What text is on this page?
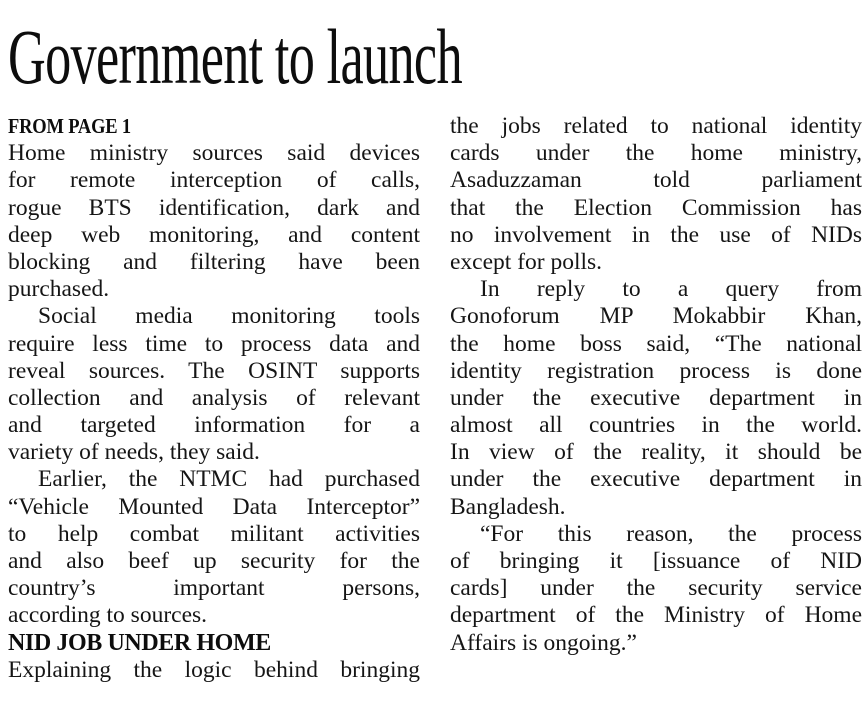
Government to launch
FROM PAGE 1
Home ministry sources said devices
for remote interception of calls,
rogue BTS identification, dark and
deep web monitoring, and content
blocking and filtering have been
purchased.
Social media monitoring tools
require less time to process data and
reveal sources. The OSINT supports
collection and analysis of relevant
and targeted information for a
variety of needs, they said.
Earlier, the NTMC had purchased
“Vehicle Mounted Data Interceptor”
to help combat militant activities
and also beef up security for the
country’s important persons,
according to sources.
NID JOB UNDER HOME
Explaining the logic behind bringing
the jobs related to national identity
cards under the home ministry,
Asaduzzaman told parliament
that the Election Commission has
no involvement in the use of NIDs
except for polls.
In reply to a query from
Gonoforum MP Mokabbir Khan,
the home boss said, “The national
identity registration process is done
under the executive department in
almost all countries in the world.
In view of the reality, it should be
under the executive department in
Bangladesh.
“For this reason, the process
of bringing it [issuance of NID
cards] under the security service
department of the Ministry of Home
Affairs is ongoing.”
